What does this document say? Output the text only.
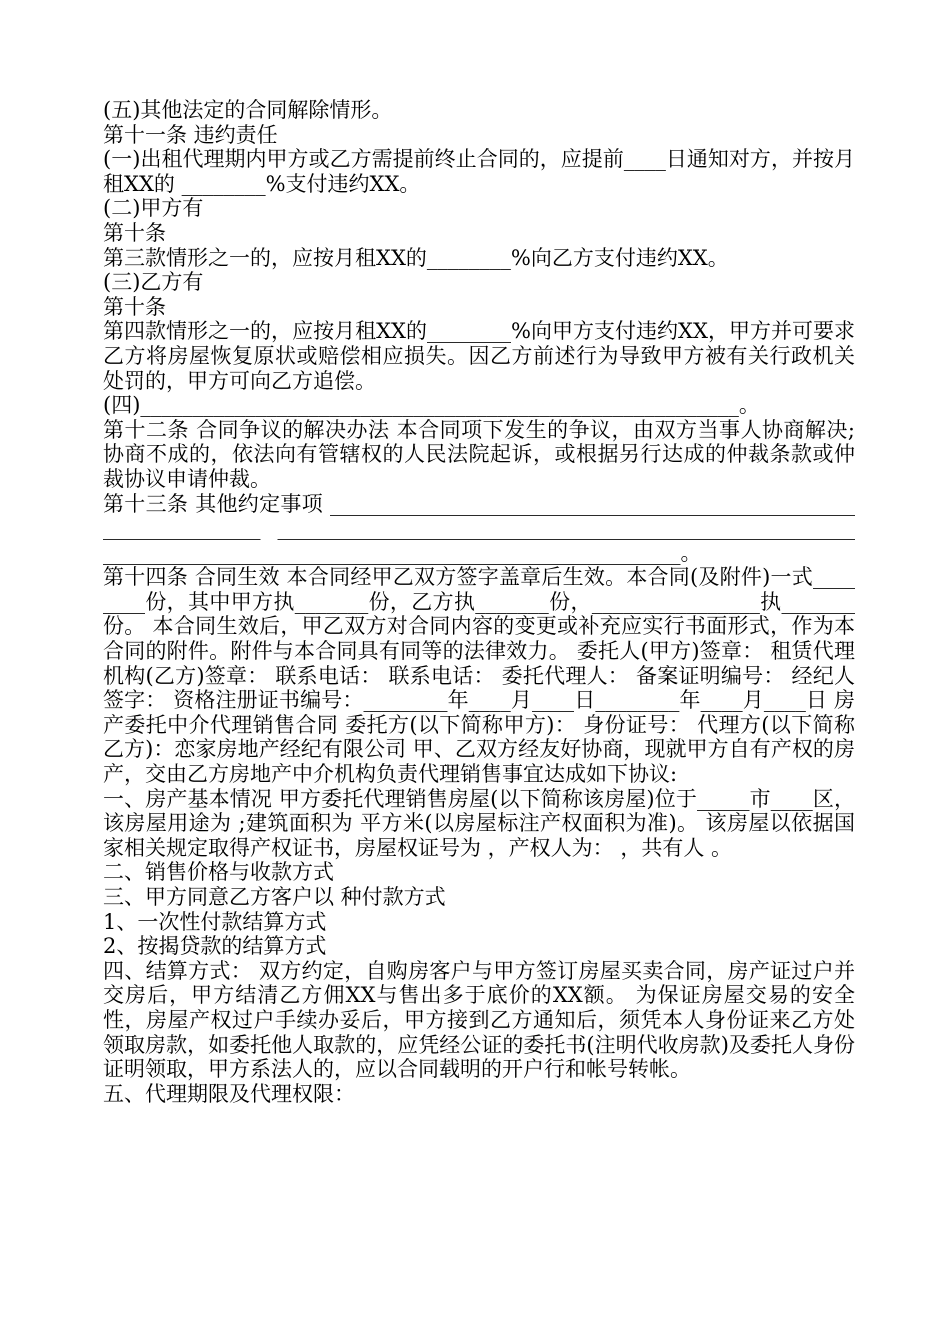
(五)其他法定的合同解除情形。

第十一条 违约责任

(一)出租代理期内甲方或乙方需提前终止合同的，应提前____日通知对方，并按月租XX的 ________%支付违约XX。

(二)甲方有

第十条

第三款情形之一的，应按月租XX的________%向乙方支付违约XX。

(三)乙方有

第十条

第四款情形之一的，应按月租XX的________%向甲方支付违约XX，甲方并可要求乙方将房屋恢复原状或赔偿相应损失。因乙方前述行为导致甲方被有关行政机关处罚的，甲方可向乙方追偿。

(四)_________________________________________________________。

第十二条 合同争议的解决办法 本合同项下发生的争议，由双方当事人协商解决;协商不成的，依法向有管辖权的人民法院起诉，或根据另行达成的仲裁条款或仲裁协议申请仲裁。

第十三条 其他约定事项 _________________________________________________________________ ______________________________________________________________________________________________________________。

第十四条 合同生效 本合同经甲乙双方签字盖章后生效。本合同(及附件)一式________份，其中甲方执_______份，乙方执_______份，________________执_______份。 本合同生效后，甲乙双方对合同内容的变更或补充应实行书面形式，作为本合同的附件。附件与本合同具有同等的法律效力。 委托人(甲方)签章： 租赁代理机构(乙方)签章： 联系电话： 联系电话： 委托代理人： 备案证明编号： 经纪人签字： 资格注册证书编号：________年____月____日________年____月____日 房产委托中介代理销售合同 委托方(以下简称甲方)： 身份证号： 代理方(以下简称乙方)：恋家房地产经纪有限公司 甲、乙双方经友好协商，现就甲方自有产权的房产，交由乙方房地产中介机构负责代理销售事宜达成如下协议:

一、房产基本情况 甲方委托代理销售房屋(以下简称该房屋)位于_____市____区， 该房屋用途为 ;建筑面积为 平方米(以房屋标注产权面积为准)。 该房屋以依据国家相关规定取得产权证书，房屋权证号为 ，产权人为： ，共有人 。

二、销售价格与收款方式

三、甲方同意乙方客户以 种付款方式

1、一次性付款结算方式

2、按揭贷款的结算方式

四、结算方式： 双方约定，自购房客户与甲方签订房屋买卖合同，房产证过户并交房后，甲方结清乙方佣XX与售出多于底价的XX额。 为保证房屋交易的安全性，房屋产权过户手续办妥后，甲方接到乙方通知后，须凭本人身份证来乙方处领取房款，如委托他人取款的，应凭经公证的委托书(注明代收房款)及委托人身份证明领取，甲方系法人的，应以合同载明的开户行和帐号转帐。

五、代理期限及代理权限：
